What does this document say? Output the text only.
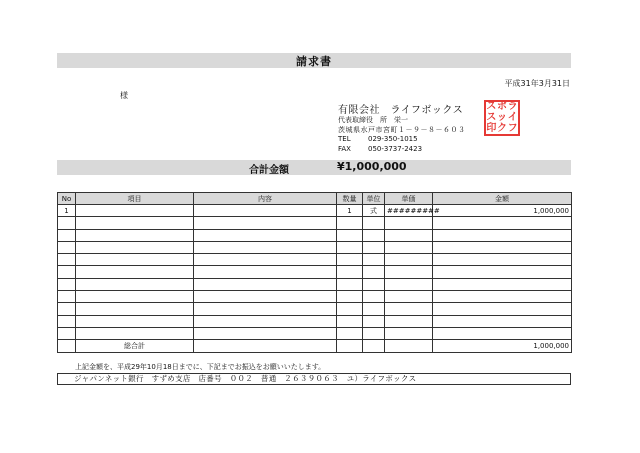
請求書
平成31年3月31日
様
有限会社　ライフボックス
代表取締役　所　栄一
茨城県水戸市宮町１－９－８－６０３
TEL 029-350-1015
FAX 050-3737-2423
ス ポ ラ
ス ッ イ
印 ク フ
合計金額	¥1,000,000
No	項目	内容	数量	単位	単価	金額
1			1	式	#########	1,000,000

	総合計					1,000,000
上記金額を、平成29年10月18日までに、下記までお振込をお願いいたします。
ジャパンネット銀行　すずめ支店　店番号　００２　普通　２６３９０６３　ユ）ライフボックス
